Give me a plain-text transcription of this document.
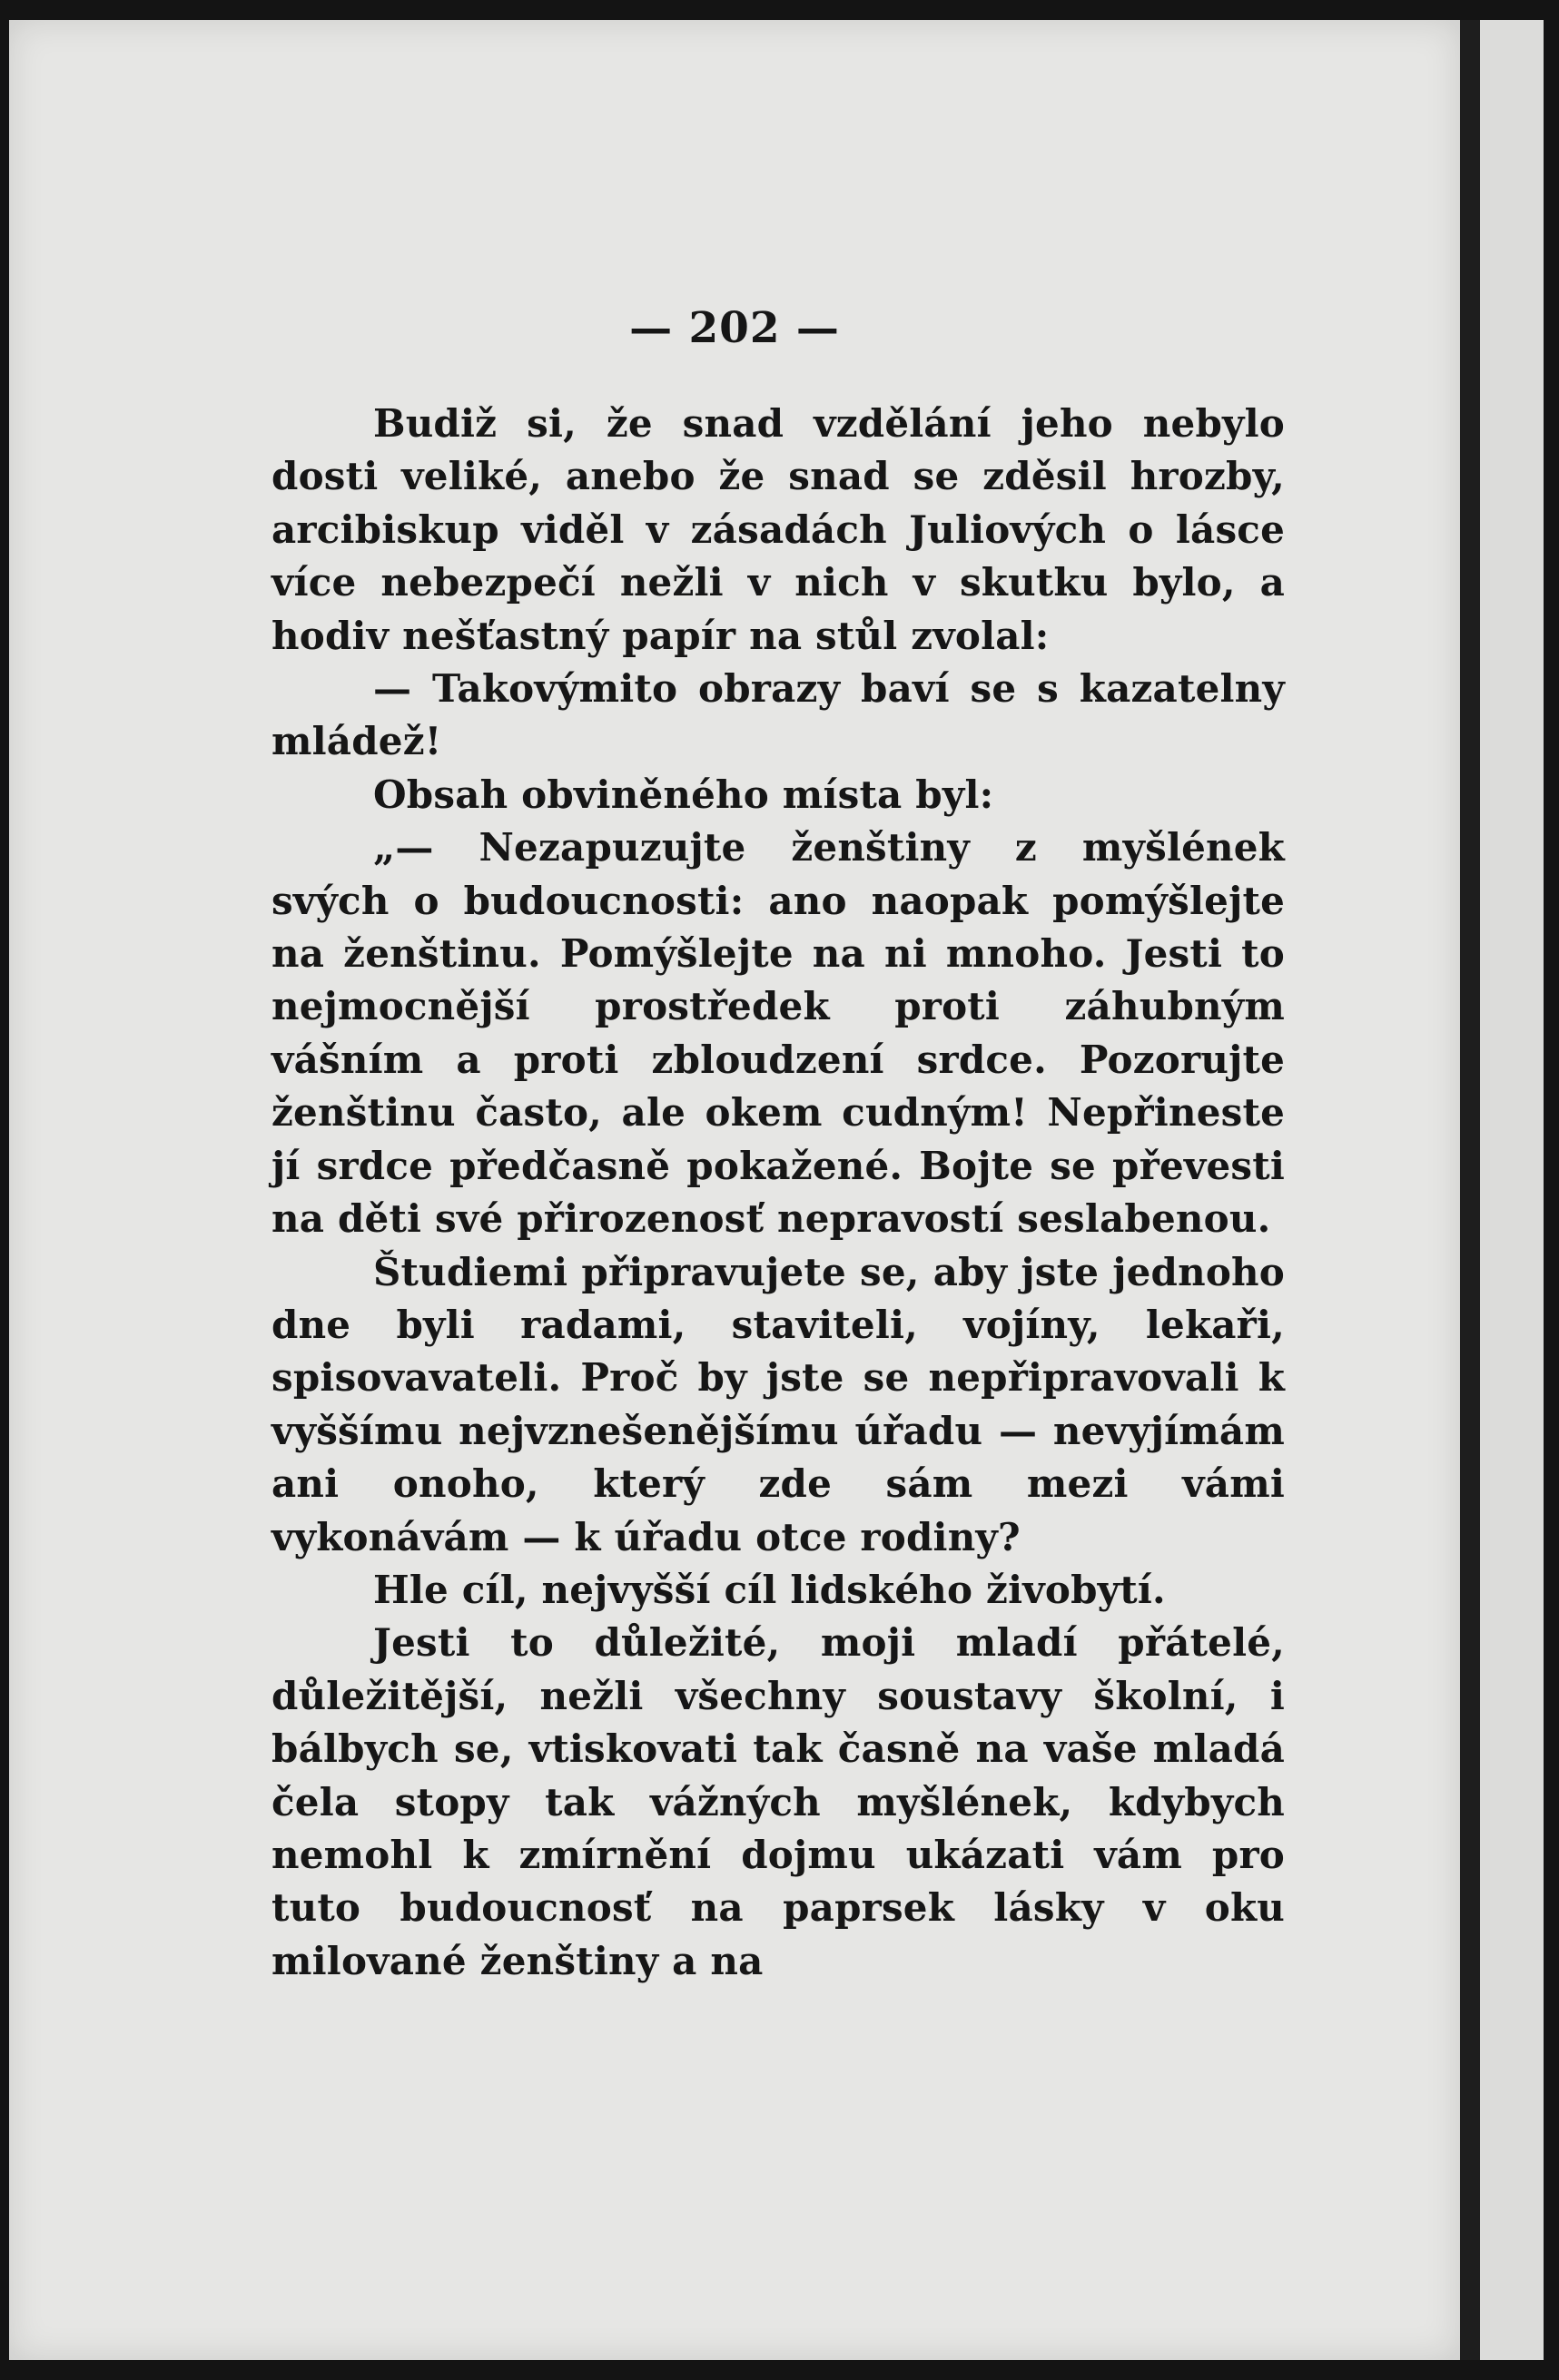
— 202 —

Budiž si, že snad vzdělání jeho nebylo dosti veliké, anebo že snad se zděsil hrozby, arcibiskup viděl v zásadách Juliových o lásce více nebezpečí nežli v nich v skutku bylo, a hodiv nešťastný papír na stůl zvolal:

— Takovýmito obrazy baví se s kazatelny mládež!

Obsah obviněného místa byl:

„— Nezapuzujte ženštiny z myšlének svých o budoucnosti: ano naopak pomýšlejte na ženštinu. Pomýšlejte na ni mnoho. Jesti to nejmocnější prostředek proti záhubným vášním a proti zbloudzení srdce. Pozorujte ženštinu často, ale okem cudným! Nepřineste jí srdce předčasně pokažené. Bojte se převesti na děti své přirozenosť nepravostí seslabenou.

Študiemi připravujete se, aby jste jednoho dne byli radami, staviteli, vojíny, lekaři, spisovavateli. Proč by jste se nepřipravovali k vyššímu nejvznešenějšímu úřadu — nevyjímám ani onoho, který zde sám mezi vámi vykonávám — k úřadu otce rodiny?

Hle cíl, nejvyšší cíl lidského živobytí.

Jesti to důležité, moji mladí přátelé, důležitější, nežli všechny soustavy školní, i bálbych se, vtiskovati tak časně na vaše mladá čela stopy tak vážných myšlének, kdybych nemohl k zmírnění dojmu ukázati vám pro tuto budoucnosť na paprsek lásky v oku milované ženštiny a na
